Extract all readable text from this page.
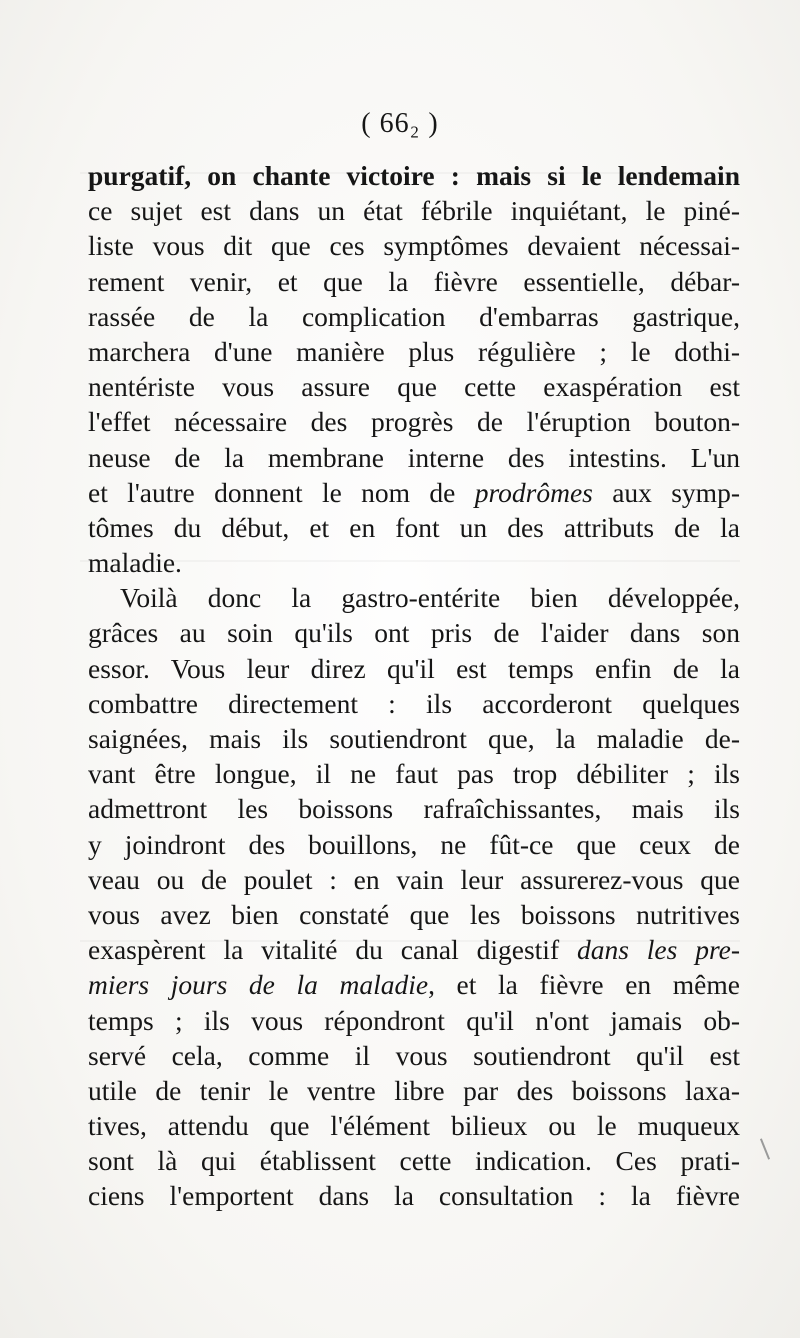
( 66₂ )
purgatif, on chante victoire : mais si le lendemain
ce sujet est dans un état fébrile inquiétant, le piné-
liste vous dit que ces symptômes devaient nécessai-
rement venir, et que la fièvre essentielle, débar-
rassée de la complication d'embarras gastrique,
marchera d'une manière plus régulière ; le dothi-
nentériste vous assure que cette exaspération est
l'effet nécessaire des progrès de l'éruption bouton-
neuse de la membrane interne des intestins. L'un
et l'autre donnent le nom de prodrômes aux symp-
tômes du début, et en font un des attributs de la
maladie.
Voilà donc la gastro-entérite bien développée,
grâces au soin qu'ils ont pris de l'aider dans son
essor. Vous leur direz qu'il est temps enfin de la
combattre directement : ils accorderont quelques
saignées, mais ils soutiendront que, la maladie de-
vant être longue, il ne faut pas trop débiliter ; ils
admettront les boissons rafraîchissantes, mais ils
y joindront des bouillons, ne fût-ce que ceux de
veau ou de poulet : en vain leur assurerez-vous que
vous avez bien constaté que les boissons nutritives
exaspèrent la vitalité du canal digestif dans les pre-
miers jours de la maladie, et la fièvre en même
temps ; ils vous répondront qu'il n'ont jamais ob-
servé cela, comme il vous soutiendront qu'il est
utile de tenir le ventre libre par des boissons laxa-
tives, attendu que l'élément bilieux ou le muqueux
sont là qui établissent cette indication. Ces prati-
ciens l'emportent dans la consultation : la fièvre
